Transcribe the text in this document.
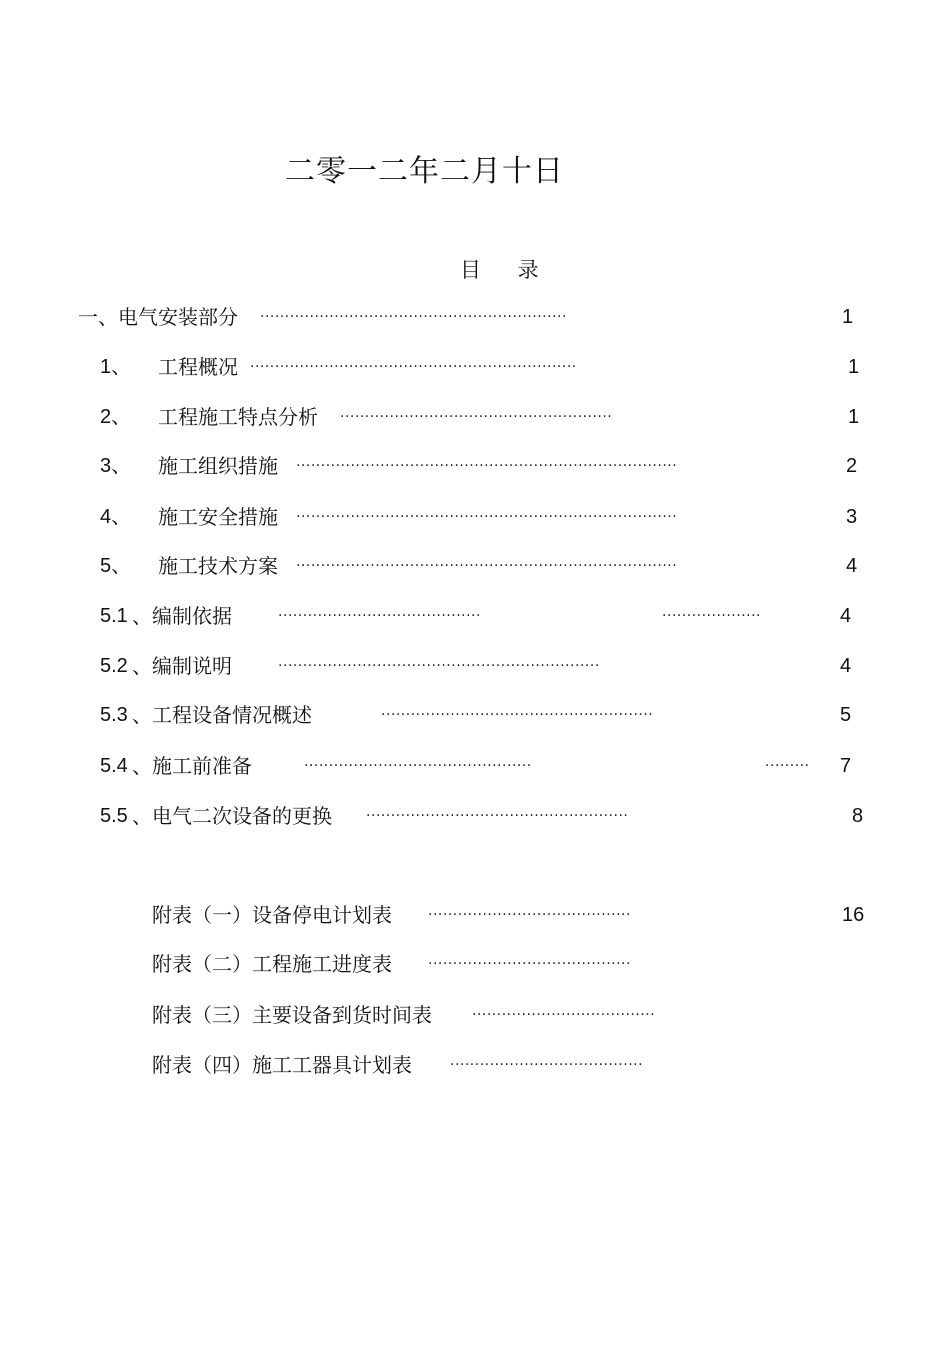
二零一二年二月十日
目 录
一、电气安装部分 ······························································	1
1、 工程概况 ··································································	1
2、 工程施工特点分析 ·······················································	1
3、 施工组织措施 ·············································································	2
4、 施工安全措施 ·············································································	3
5、 施工技术方案 ·············································································	4
5.1 、编制依据	·········································	····················	4
5.2 、编制说明	·································································	4
5.3 、工程设备情况概述	·······················································	5
5.4 、施工前准备	··············································	·········	7
5.5 、电气二次设备的更换 ·····················································	8
附表（一）设备停电计划表	·········································	16
附表（二）工程施工进度表	·········································
附表（三）主要设备到货时间表	·····································
附表（四）施工工器具计划表	·······································
